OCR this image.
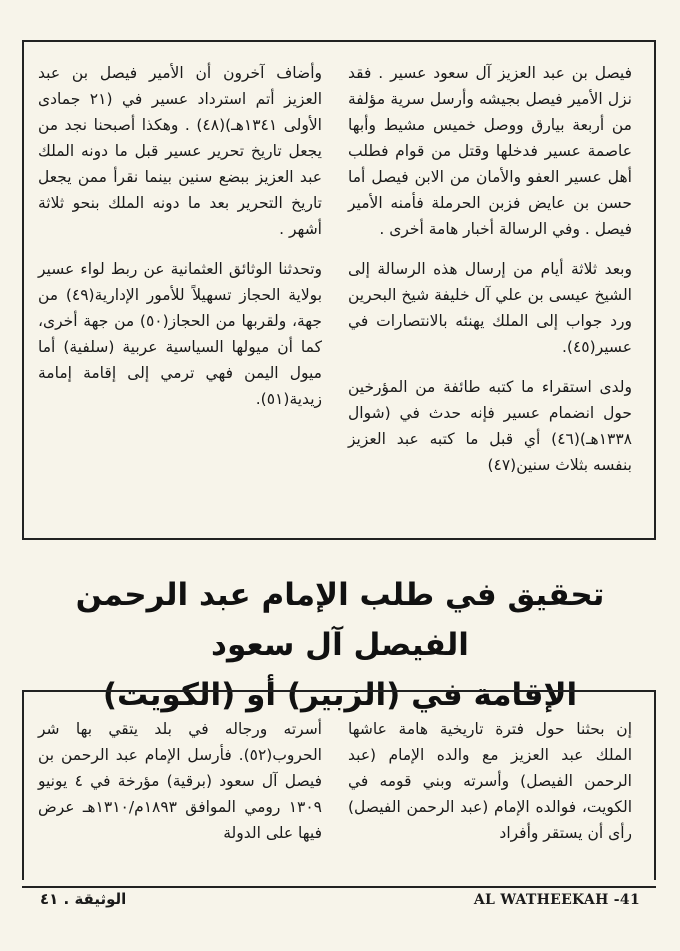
فيصل بن عبد العزيز آل سعود عسير . فقد نزل الأمير فيصل بجيشه وأرسل سرية مؤلفة من أربعة بيارق ووصل خميس مشيط وأبها عاصمة عسير فدخلها وقتل من قوام فطلب أهل عسير العفو والأمان من الابن فيصل أما حسن بن عايض فزبن الحرملة فأمنه الأمير فيصل . وفي الرسالة أخبار هامة أخرى .

وبعد ثلاثة أيام من إرسال هذه الرسالة إلى الشيخ عيسى بن علي آل خليفة شيخ البحرين ورد جواب إلى الملك يهنئه بالانتصارات في عسير(٤٥).

ولدى استقراء ما كتبه طائفة من المؤرخين حول انضمام عسير فإنه حدث في (شوال ١٣٣٨هـ)(٤٦) أي قبل ما كتبه عبد العزيز بنفسه بثلاث سنين(٤٧)

وأضاف آخرون أن الأمير فيصل بن عبد العزيز أتم استرداد عسير في (٢١ جمادى الأولى ١٣٤١هـ)(٤٨) . وهكذا أصبحنا نجد من يجعل تاريخ تحرير عسير قبل ما دونه الملك عبد العزيز ببضع سنين بينما نقرأ ممن يجعل تاريخ التحرير بعد ما دونه الملك بنحو ثلاثة أشهر .

وتحدثنا الوثائق العثمانية عن ربط لواء عسير بولاية الحجاز تسهيلاً للأمور الإدارية(٤٩) من جهة، ولقربها من الحجاز(٥٠) من جهة أخرى، كما أن ميولها السياسية عربية (سلفية) أما ميول اليمن فهي ترمي إلى إقامة إمامة زيدية(٥١).

تحقيق في طلب الإمام عبد الرحمن الفيصل آل سعود
الإقامة في (الزبير) أو (الكويت)

إن بحثنا حول فترة تاريخية هامة عاشها الملك عبد العزيز مع والده الإمام (عبد الرحمن الفيصل) وأسرته وبني قومه في الكويت، فوالده الإمام (عبد الرحمن الفيصل) رأى أن يستقر وأفراد

أسرته ورجاله في بلد يتقي بها شر الحروب(٥٢). فأرسل الإمام عبد الرحمن بن فيصل آل سعود (برقية) مؤرخة في ٤ يونيو ١٣٠٩ رومي الموافق ١٨٩٣م/١٣١٠هـ عرض فيها على الدولة

AL WATHEEKAH -41
الوثيقة . ٤١
